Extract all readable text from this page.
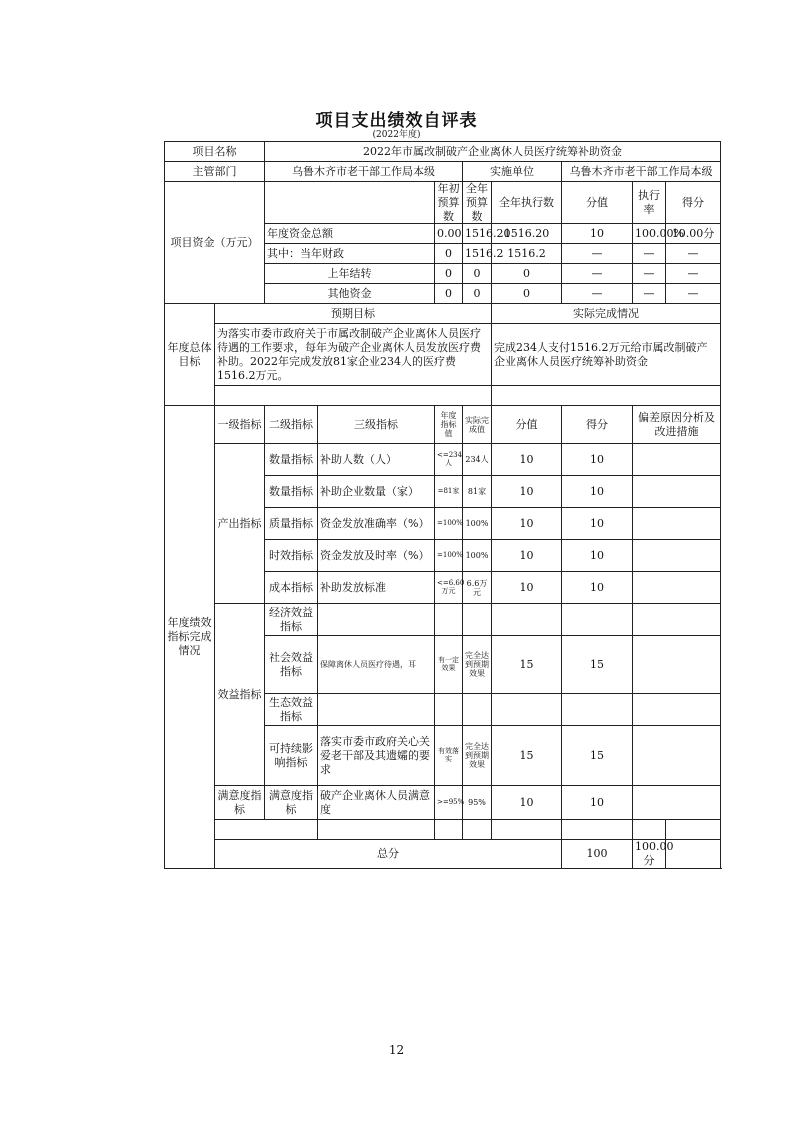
项目支出绩效自评表
(2022年度)
项目名称		2022年市属改制破产企业离休人员医疗统筹补助资金							
主管部门		乌鲁木齐市老干部工作局本级			实施单位		乌鲁木齐市老干部工作局本级		
项目资金（万元）				年初预算数	全年预算数	全年执行数	分值	执行率	得分
		年度资金总额		0.00	1516.20	1516.20	10	100.00%	10.00分
		其中：当年财政		0	1516.2	1516.2	—	—	—
		上年结转		0	0	0	—	—	—
		其他资金		0	0	0	—	—	—
年度总体目标	预期目标					实际完成情况			
	为落实市委市政府关于市属改制破产企业离休人员医疗待遇的工作要求，每年为破产企业离休人员发放医疗费补助。2022年完成发放81家企业234人的医疗费1516.2万元。					完成234人支付1516.2万元给市属改制破产企业离休人员医疗统筹补助资金			

年度绩效指标完成情况	一级指标	二级指标	三级指标	年度指标值	实际完成值	分值	得分	偏差原因分析及改进措施	
	产出指标	数量指标	补助人数（人）	<=234人	234人	10	10		
		数量指标	补助企业数量（家）	=81家	81家	10	10		
		质量指标	资金发放准确率（%）	=100%	100%	10	10		
		时效指标	资金发放及时率（%）	=100%	100%	10	10		
		成本指标	补助发放标准	<=6.60万元	6.6万元	10	10		
	效益指标	经济效益指标							
		社会效益指标	保障离休人员医疗待遇，耳	有一定效果	完全达到预期效果	15	15		
		生态效益指标							
		可持续影响指标	落实市委市政府关心关爱老干部及其遗孀的要求	有效落实	完全达到预期效果	15	15		
	满意度指标	满意度指标	破产企业离休人员满意度	>=95%	95%	10	10		

	总分						100	100.00分	
12
